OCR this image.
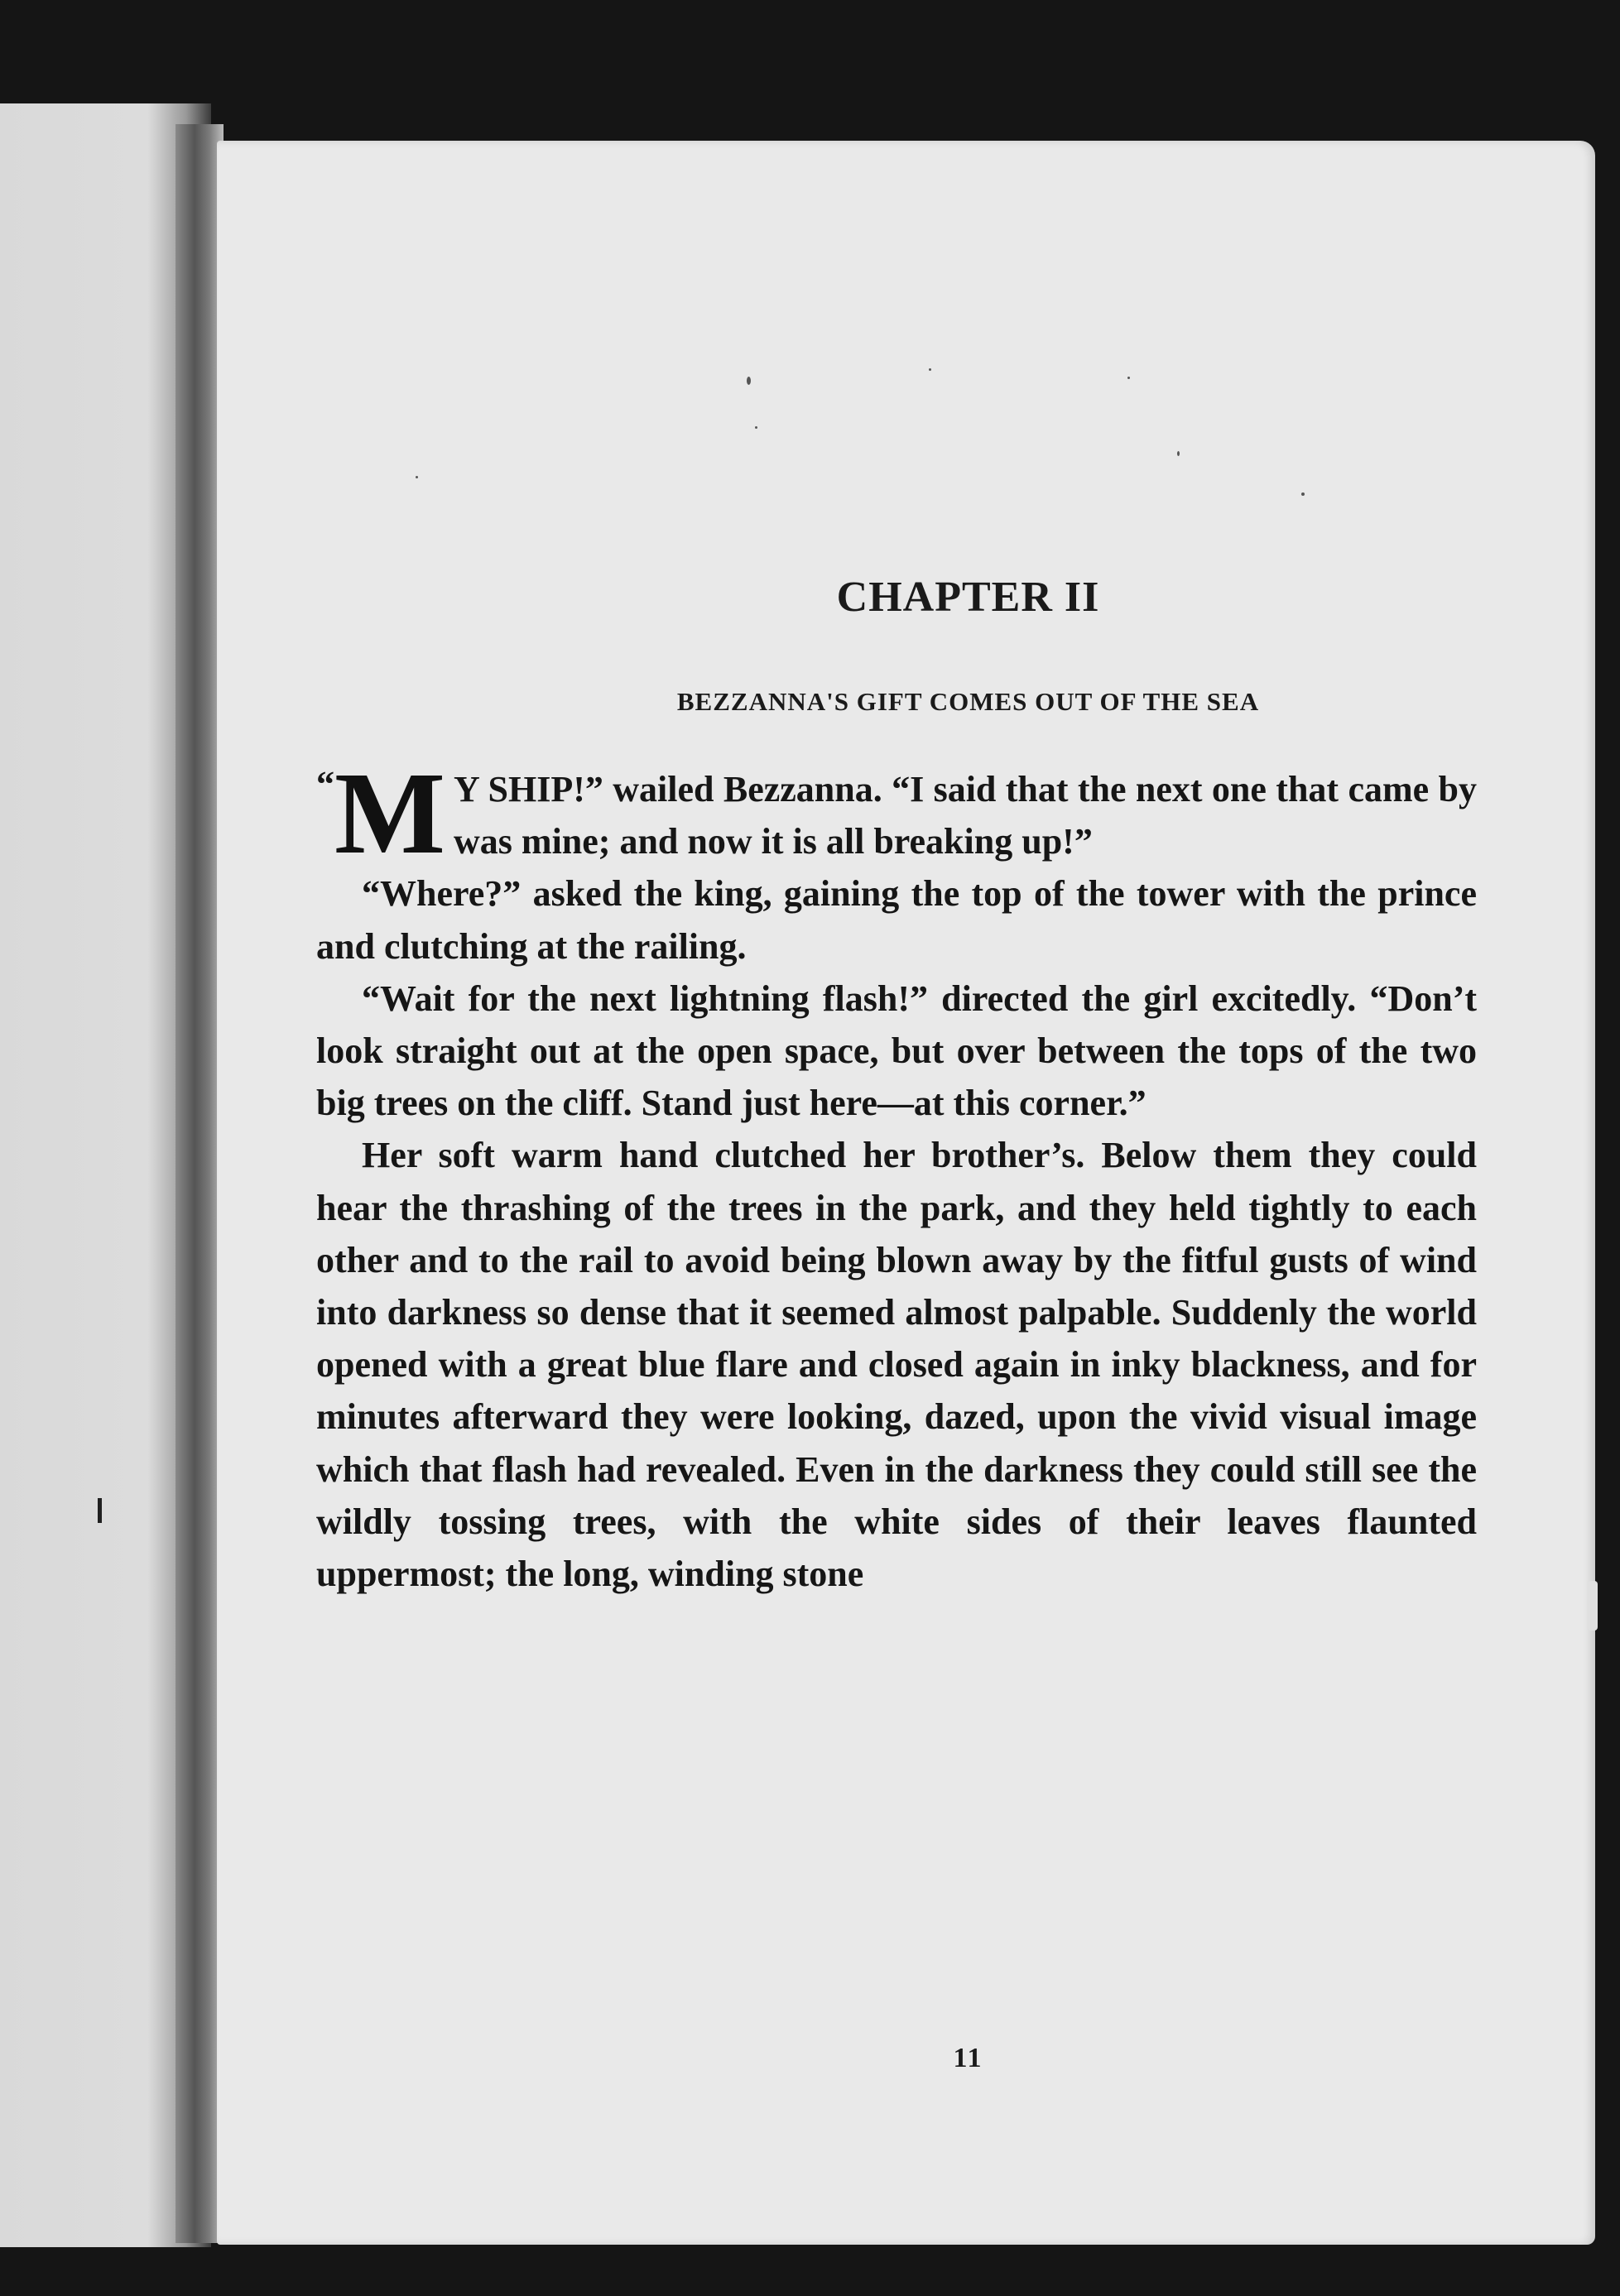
CHAPTER II
BEZZANNA'S GIFT COMES OUT OF THE SEA

“M Y SHIP!” wailed Bezzanna. “I said that the next one that came by was mine; and now it is all breaking up!”

“Where?” asked the king, gaining the top of the tower with the prince and clutching at the railing.

“Wait for the next lightning flash!” directed the girl excitedly. “Don’t look straight out at the open space, but over between the tops of the two big trees on the cliff. Stand just here—at this corner.”

Her soft warm hand clutched her brother’s. Below them they could hear the thrashing of the trees in the park, and they held tightly to each other and to the rail to avoid being blown away by the fitful gusts of wind into darkness so dense that it seemed almost palpable. Suddenly the world opened with a great blue flare and closed again in inky blackness, and for minutes afterward they were looking, dazed, upon the vivid visual image which that flash had revealed. Even in the darkness they could still see the wildly tossing trees, with the white sides of their leaves flaunted uppermost; the long, winding stone

11
